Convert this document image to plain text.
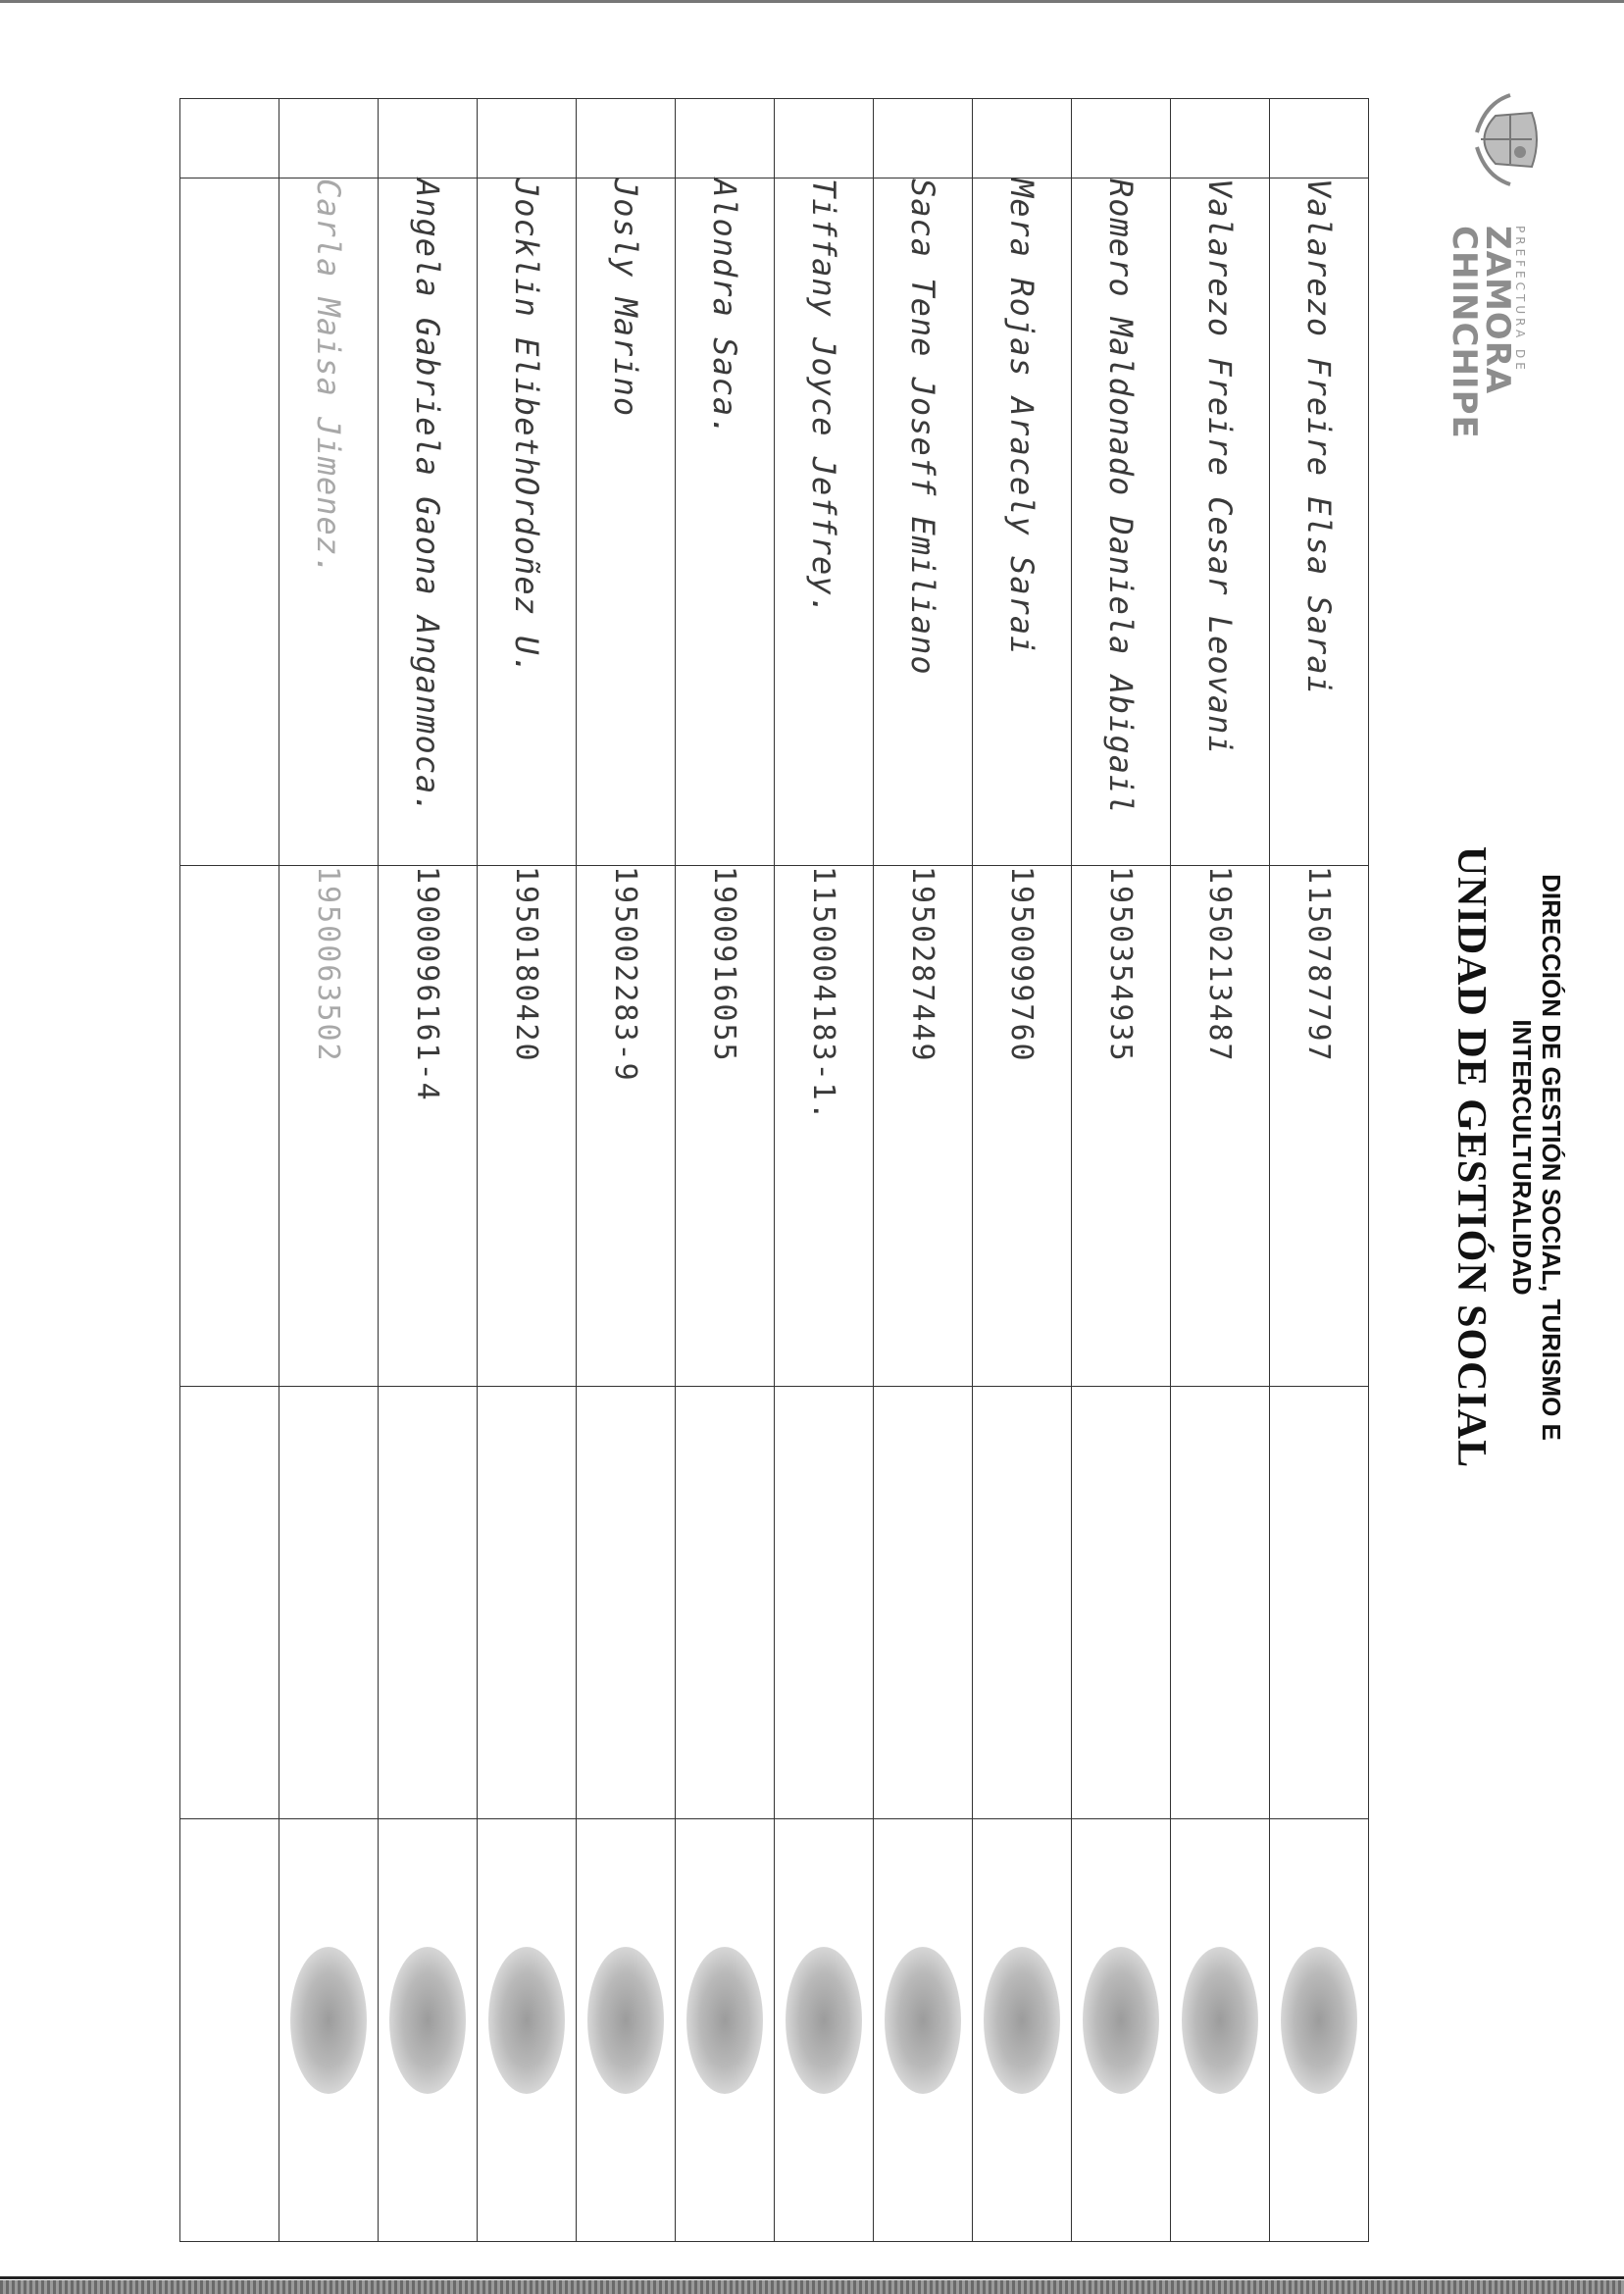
PREFECTURA DE
ZAMORA
CHINCHIPE
DIRECCIÓN DE GESTIÓN SOCIAL, TURISMO E INTERCULTURALIDAD
UNIDAD DE GESTIÓN SOCIAL
	Valarezo Freire Elsa Sarai	1150787797		

	Valarezo Freire Cesar Leovani	1950213487		

	Romero Maldonado Daniela Abigail	1950354935		

	Mera Rojas Aracely Sarai	1950099760		

	Saca Tene Joseff Emiliano	1950287449		

	Tiffany Joyce Jeffrey.	1150004183-1.		

	Alondra Saca.	1900916055		

	Josly Marino	195002283-9		

	Jocklin ElibethOrdoñez U.	1950180420		

	Angela Gabriela Gaona Anganmoca.	1900096161-4		

	Carla Maisa Jimenez.	1950063502		
